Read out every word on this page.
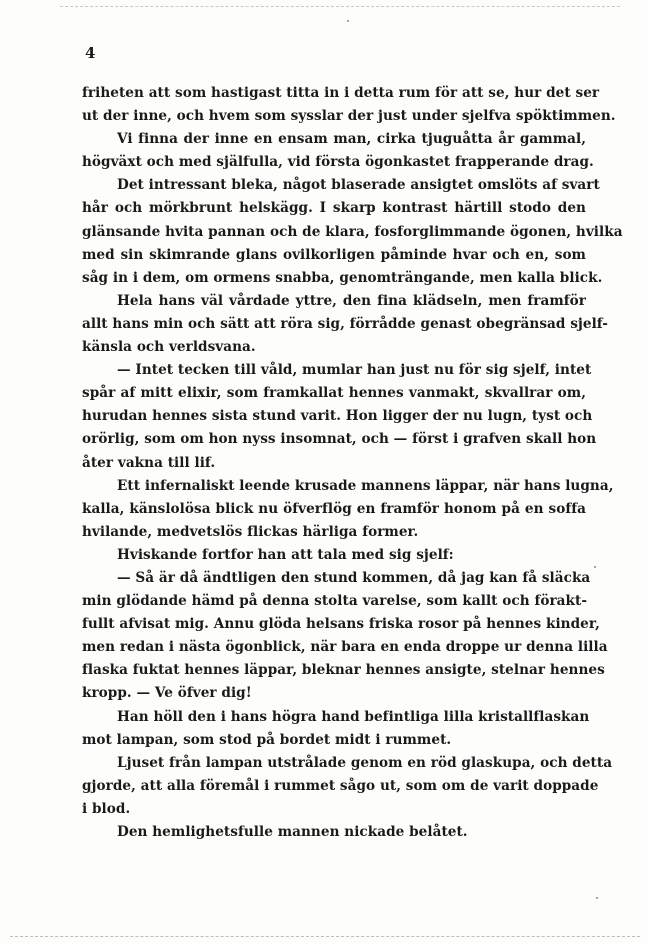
4
friheten att som hastigast titta in i detta rum för att se, hur det ser
ut der inne, och hvem som sysslar der just under sjelfva spöktimmen.
Vi finna der inne en ensam man, cirka tjuguåtta år gammal,
högväxt och med själfulla, vid första ögonkastet frapperande drag.
Det intressant bleka, något blaserade ansigtet omslöts af svart
hår och mörkbrunt helskägg. I skarp kontrast härtill stodo den
glänsande hvita pannan och de klara, fosforglimmande ögonen, hvilka
med sin skimrande glans ovilkorligen påminde hvar och en, som
såg in i dem, om ormens snabba, genomträngande, men kalla blick.
Hela hans väl vårdade yttre, den fina klädseln, men framför
allt hans min och sätt att röra sig, förrådde genast obegränsad sjelf-
känsla och verldsvana.
— Intet tecken till våld, mumlar han just nu för sig sjelf, intet
spår af mitt elixir, som framkallat hennes vanmakt, skvallrar om,
hurudan hennes sista stund varit. Hon ligger der nu lugn, tyst och
orörlig, som om hon nyss insomnat, och — först i grafven skall hon
åter vakna till lif.
Ett infernaliskt leende krusade mannens läppar, när hans lugna,
kalla, känslolösa blick nu öfverflög en framför honom på en soffa
hvilande, medvetslös flickas härliga former.
Hviskande fortfor han att tala med sig sjelf:
— Så är då ändtligen den stund kommen, då jag kan få släcka
min glödande hämd på denna stolta varelse, som kallt och förakt-
fullt afvisat mig. Annu glöda helsans friska rosor på hennes kinder,
men redan i nästa ögonblick, när bara en enda droppe ur denna lilla
flaska fuktat hennes läppar, bleknar hennes ansigte, stelnar hennes
kropp. — Ve öfver dig!
Han höll den i hans högra hand befintliga lilla kristallflaskan
mot lampan, som stod på bordet midt i rummet.
Ljuset från lampan utstrålade genom en röd glaskupa, och detta
gjorde, att alla föremål i rummet sågo ut, som om de varit doppade
i blod.
Den hemlighetsfulle mannen nickade belåtet.
